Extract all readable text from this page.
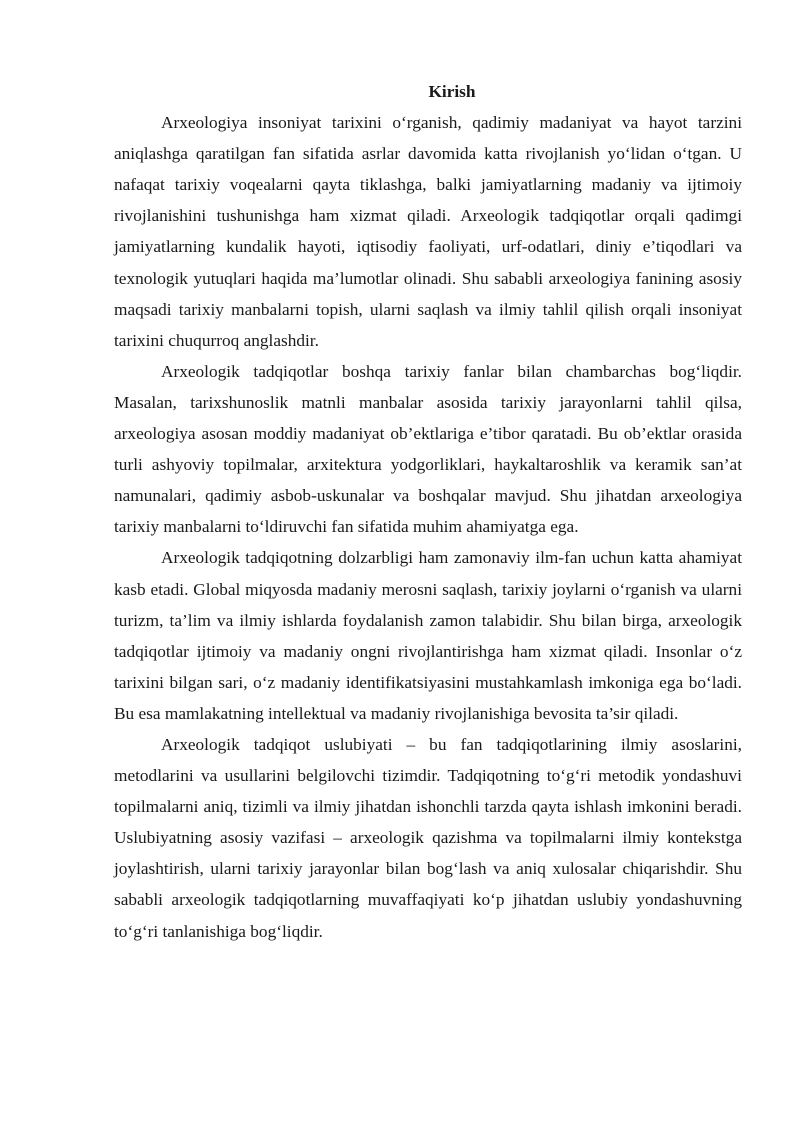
Kirish

Arxeologiya insoniyat tarixini o‘rganish, qadimiy madaniyat va hayot tarzini aniqlashga qaratilgan fan sifatida asrlar davomida katta rivojlanish yo‘lidan o‘tgan. U nafaqat tarixiy voqealarni qayta tiklashga, balki jamiyatlarning madaniy va ijtimoiy rivojlanishini tushunishga ham xizmat qiladi. Arxeologik tadqiqotlar orqali qadimgi jamiyatlarning kundalik hayoti, iqtisodiy faoliyati, urf-odatlari, diniy e’tiqodlari va texnologik yutuqlari haqida ma’lumotlar olinadi. Shu sababli arxeologiya fanining asosiy maqsadi tarixiy manbalarni topish, ularni saqlash va ilmiy tahlil qilish orqali insoniyat tarixini chuqurroq anglashdir.

Arxeologik tadqiqotlar boshqa tarixiy fanlar bilan chambarchas bog‘liqdir. Masalan, tarixshunoslik matnli manbalar asosida tarixiy jarayonlarni tahlil qilsa, arxeologiya asosan moddiy madaniyat ob’ektlariga e’tibor qaratadi. Bu ob’ektlar orasida turli ashyoviy topilmalar, arxitektura yodgorliklari, haykaltaroshlik va keramik san’at namunalari, qadimiy asbob-uskunalar va boshqalar mavjud. Shu jihatdan arxeologiya tarixiy manbalarni to‘ldiruvchi fan sifatida muhim ahamiyatga ega.

Arxeologik tadqiqotning dolzarbligi ham zamonaviy ilm-fan uchun katta ahamiyat kasb etadi. Global miqyosda madaniy merosni saqlash, tarixiy joylarni o‘rganish va ularni turizm, ta’lim va ilmiy ishlarda foydalanish zamon talabidir. Shu bilan birga, arxeologik tadqiqotlar ijtimoiy va madaniy ongni rivojlantirishga ham xizmat qiladi. Insonlar o‘z tarixini bilgan sari, o‘z madaniy identifikatsiyasini mustahkamlash imkoniga ega bo‘ladi. Bu esa mamlakatning intellektual va madaniy rivojlanishiga bevosita ta’sir qiladi.

Arxeologik tadqiqot uslubiyati – bu fan tadqiqotlarining ilmiy asoslarini, metodlarini va usullarini belgilovchi tizimdir. Tadqiqotning to‘g‘ri metodik yondashuvi topilmalarni aniq, tizimli va ilmiy jihatdan ishonchli tarzda qayta ishlash imkonini beradi. Uslubiyatning asosiy vazifasi – arxeologik qazishma va topilmalarni ilmiy kontekstga joylashtirish, ularni tarixiy jarayonlar bilan bog‘lash va aniq xulosalar chiqarishdir. Shu sababli arxeologik tadqiqotlarning muvaffaqiyati ko‘p jihatdan uslubiy yondashuvning to‘g‘ri tanlanishiga bog‘liqdir.
